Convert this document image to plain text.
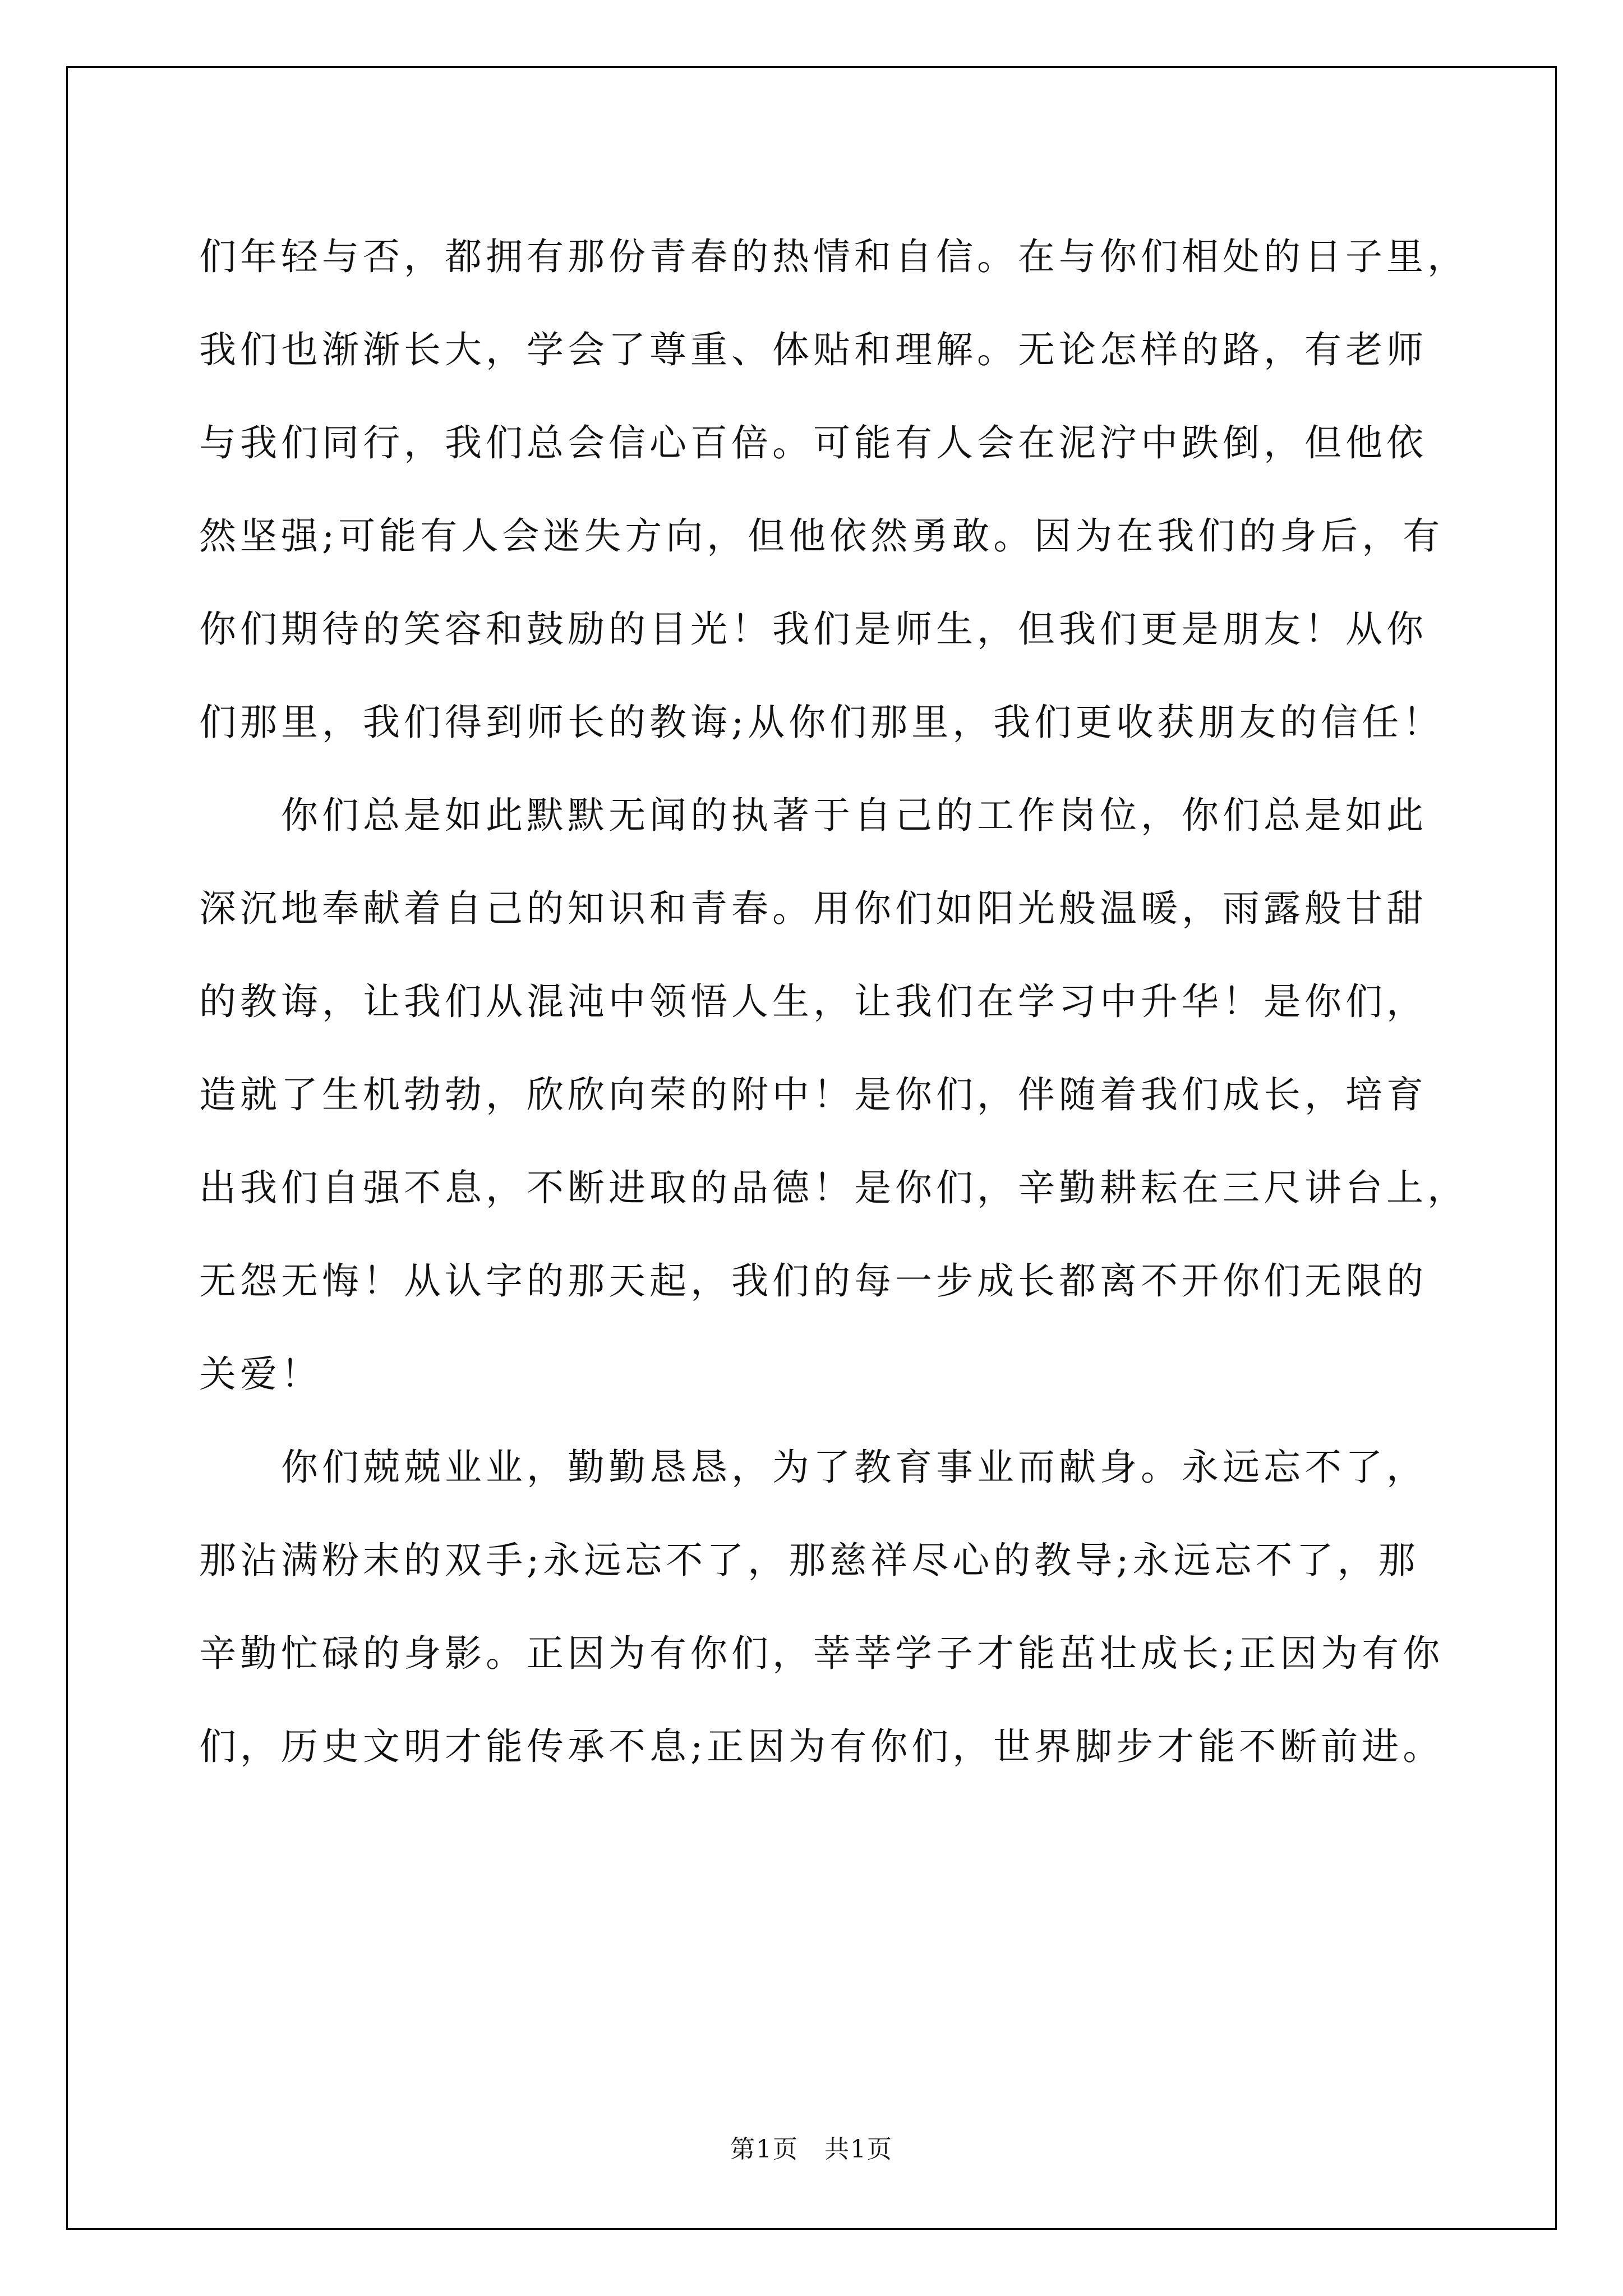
们年轻与否，都拥有那份青春的热情和自信。在与你们相处的日子里，
我们也渐渐长大，学会了尊重、体贴和理解。无论怎样的路，有老师
与我们同行，我们总会信心百倍。可能有人会在泥泞中跌倒，但他依
然坚强;可能有人会迷失方向，但他依然勇敢。因为在我们的身后，有
你们期待的笑容和鼓励的目光！我们是师生，但我们更是朋友！从你
们那里，我们得到师长的教诲;从你们那里，我们更收获朋友的信任！
你们总是如此默默无闻的执著于自己的工作岗位，你们总是如此
深沉地奉献着自己的知识和青春。用你们如阳光般温暖，雨露般甘甜
的教诲，让我们从混沌中领悟人生，让我们在学习中升华！是你们，
造就了生机勃勃，欣欣向荣的附中！是你们，伴随着我们成长，培育
出我们自强不息，不断进取的品德！是你们，辛勤耕耘在三尺讲台上，
无怨无悔！从认字的那天起，我们的每一步成长都离不开你们无限的
关爱！
你们兢兢业业，勤勤恳恳，为了教育事业而献身。永远忘不了，
那沾满粉末的双手;永远忘不了，那慈祥尽心的教导;永远忘不了，那
辛勤忙碌的身影。正因为有你们，莘莘学子才能茁壮成长;正因为有你
们，历史文明才能传承不息;正因为有你们，世界脚步才能不断前进。
第1页　共1页
